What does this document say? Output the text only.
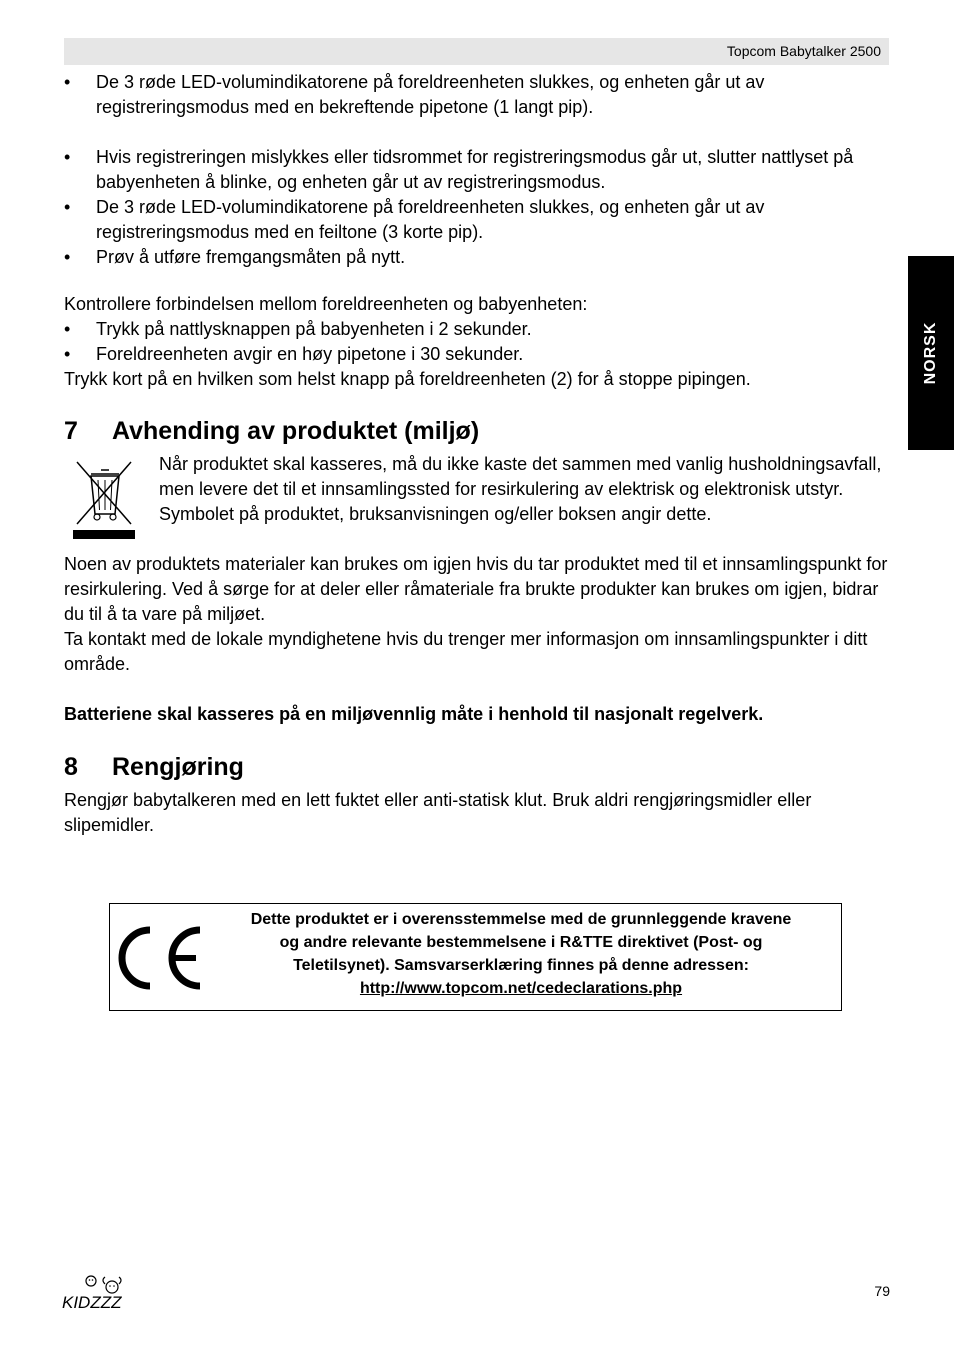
Topcom Babytalker 2500
NORSK
• De 3 røde LED-volumindikatorene på foreldreenheten slukkes, og enheten går ut av registreringsmodus med en bekreftende pipetone (1 langt pip).
• Hvis registreringen mislykkes eller tidsrommet for registreringsmodus går ut, slutter nattlyset på babyenheten å blinke, og enheten går ut av registreringsmodus.
• De 3 røde LED-volumindikatorene på foreldreenheten slukkes, og enheten går ut av registreringsmodus med en feiltone (3 korte pip).
• Prøv å utføre fremgangsmåten på nytt.
Kontrollere forbindelsen mellom foreldreenheten og babyenheten:
• Trykk på nattlysknappen på babyenheten i 2 sekunder.
• Foreldreenheten avgir en høy pipetone i 30 sekunder.
Trykk kort på en hvilken som helst knapp på foreldreenheten (2) for å stoppe pipingen.
7	Avhending av produktet (miljø)
Når produktet skal kasseres, må du ikke kaste det sammen med vanlig husholdningsavfall, men levere det til et innsamlingssted for resirkulering av elektrisk og elektronisk utstyr. Symbolet på produktet, bruksanvisningen og/eller boksen angir dette.
Noen av produktets materialer kan brukes om igjen hvis du tar produktet med til et innsamlingspunkt for resirkulering. Ved å sørge for at deler eller råmateriale fra brukte produkter kan brukes om igjen, bidrar du til å ta vare på miljøet.
Ta kontakt med de lokale myndighetene hvis du trenger mer informasjon om innsamlingspunkter i ditt område.
Batteriene skal kasseres på en miljøvennlig måte i henhold til nasjonalt regelverk.
8	Rengjøring
Rengjør babytalkeren med en lett fuktet eller anti-statisk klut. Bruk aldri rengjøringsmidler eller slipemidler.
Dette produktet er i overensstemmelse med de grunnleggende kravene
og andre relevante bestemmelsene i R&TTE direktivet (Post- og
Teletilsynet). Samsvarserklæring finnes på denne adressen:
http://www.topcom.net/cedeclarations.php
KIDZZZ
79
